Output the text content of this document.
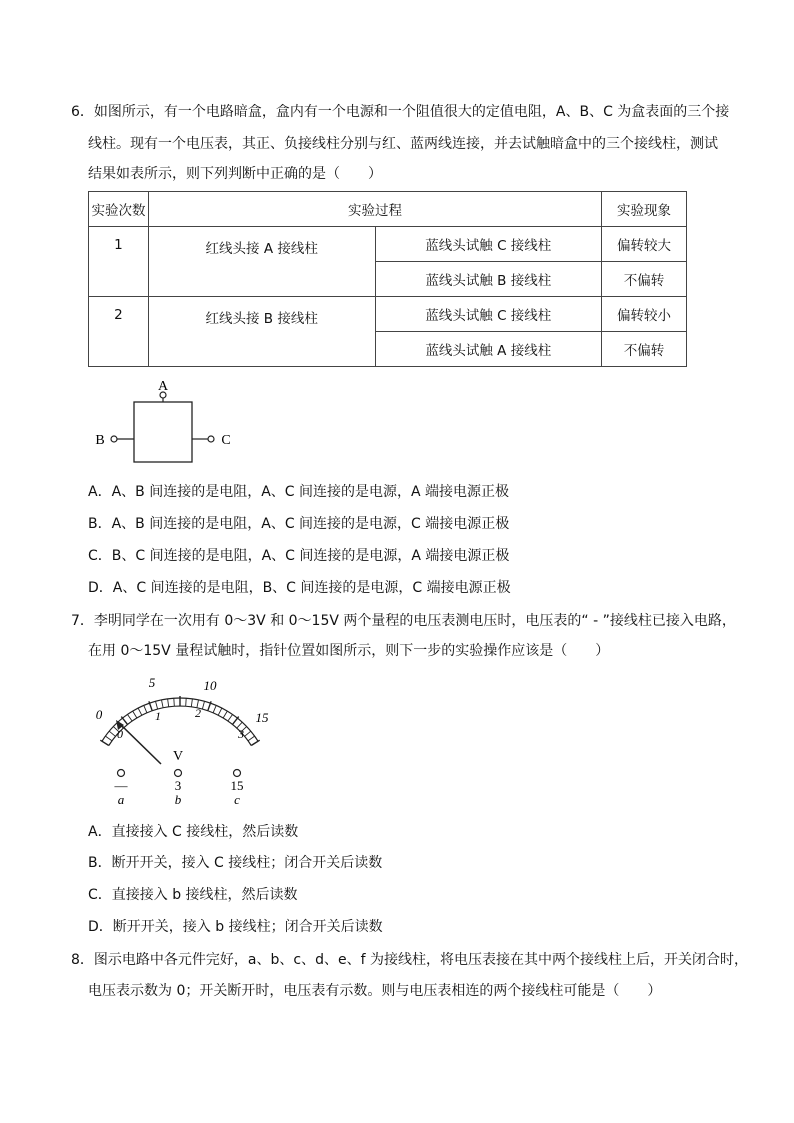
6．如图所示，有一个电路暗盒，盒内有一个电源和一个阻值很大的定值电阻，A、B、C 为盒表面的三个接
线柱。现有一个电压表，其正、负接线柱分别与红、蓝两线连接，并去试触暗盒中的三个接线柱，测试
结果如表所示，则下列判断中正确的是（　　）
实验次数	实验过程		实验现象
1	红线头接 A 接线柱	蓝线头试触 C 接线柱	偏转较大
		蓝线头试触 B 接线柱	不偏转
2	红线头接 B 接线柱	蓝线头试触 C 接线柱	偏转较小
		蓝线头试触 A 接线柱	不偏转
A
B	C
A．A、B 间连接的是电阻，A、C 间连接的是电源，A 端接电源正极
B．A、B 间连接的是电阻，A、C 间连接的是电源，C 端接电源正极
C．B、C 间连接的是电阻，A、C 间连接的是电源，A 端接电源正极
D．A、C 间连接的是电阻，B、C 间连接的是电源，C 端接电源正极
7．李明同学在一次用有 0～3V 和 0～15V 两个量程的电压表测电压时，电压表的“ - ”接线柱已接入电路，
在用 0～15V 量程试触时，指针位置如图所示，则下一步的实验操作应该是（　　）
0
5	10
15
0
1	2
3
V
—
a
3
b
15
c
A．直接接入 C 接线柱，然后读数
B．断开开关，接入 C 接线柱；闭合开关后读数
C．直接接入 b 接线柱，然后读数
D．断开开关，接入 b 接线柱；闭合开关后读数
8．图示电路中各元件完好，a、b、c、d、e、f 为接线柱，将电压表接在其中两个接线柱上后，开关闭合时，
电压表示数为 0；开关断开时，电压表有示数。则与电压表相连的两个接线柱可能是（　　）
